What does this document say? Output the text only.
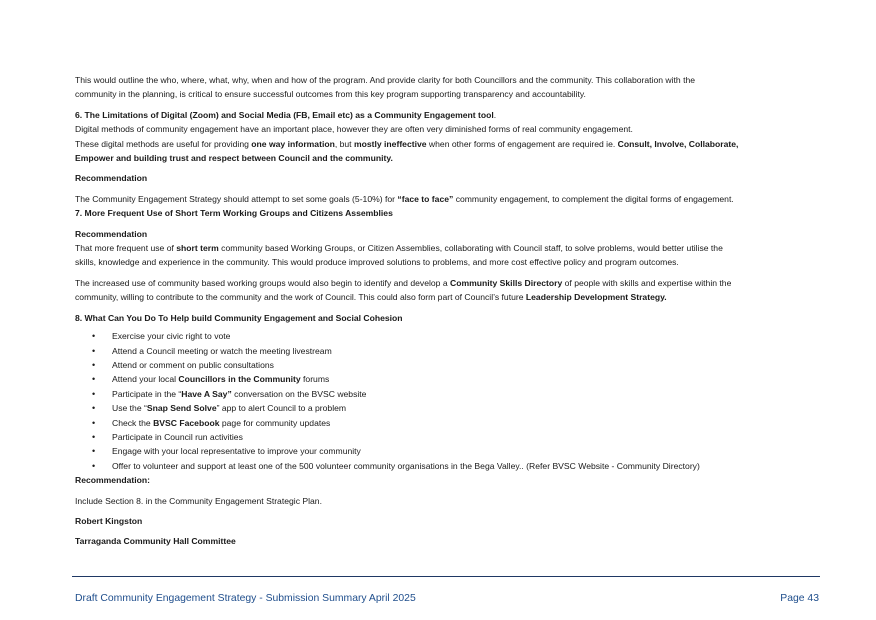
This would outline the who, where, what, why, when and how of the program. And provide clarity for both Councillors and the community. This collaboration with the
community in the planning, is critical to ensure successful outcomes from this key program supporting transparency and accountability.

6. The Limitations of Digital (Zoom) and Social Media (FB, Email etc) as a Community Engagement tool.

Digital methods of community engagement have an important place, however they are often very diminished forms of real community engagement.
These digital methods are useful for providing one way information, but mostly ineffective when other forms of engagement are required ie. Consult, Involve, Collaborate,
Empower and building trust and respect between Council and the community.

Recommendation

The Community Engagement Strategy should attempt to set some goals (5-10%) for “face to face” community engagement, to complement the digital forms of engagement.

7. More Frequent Use of Short Term Working Groups and Citizens Assemblies

Recommendation

That more frequent use of short term community based Working Groups, or Citizen Assemblies, collaborating with Council staff, to solve problems, would better utilise the
skills, knowledge and experience in the community. This would produce improved solutions to problems, and more cost effective policy and program outcomes.

The increased use of community based working groups would also begin to identify and develop a Community Skills Directory of people with skills and expertise within the
community, willing to contribute to the community and the work of Council. This could also form part of Council’s future Leadership Development Strategy.

8. What Can You Do To Help build Community Engagement and Social Cohesion

• Exercise your civic right to vote
• Attend a Council meeting or watch the meeting livestream
• Attend or comment on public consultations
• Attend your local Councillors in the Community forums
• Participate in the “Have A Say” conversation on the BVSC website
• Use the “Snap Send Solve” app to alert Council to a problem
• Check the BVSC Facebook page for community updates
• Participate in Council run activities
• Engage with your local representative to improve your community
• Offer to volunteer and support at least one of the 500 volunteer community organisations in the Bega Valley.. (Refer BVSC Website - Community Directory)

Recommendation:

Include Section 8. in the Community Engagement Strategic Plan.

Robert Kingston

Tarraganda Community Hall Committee

Draft Community Engagement Strategy - Submission Summary April 2025	Page 43
